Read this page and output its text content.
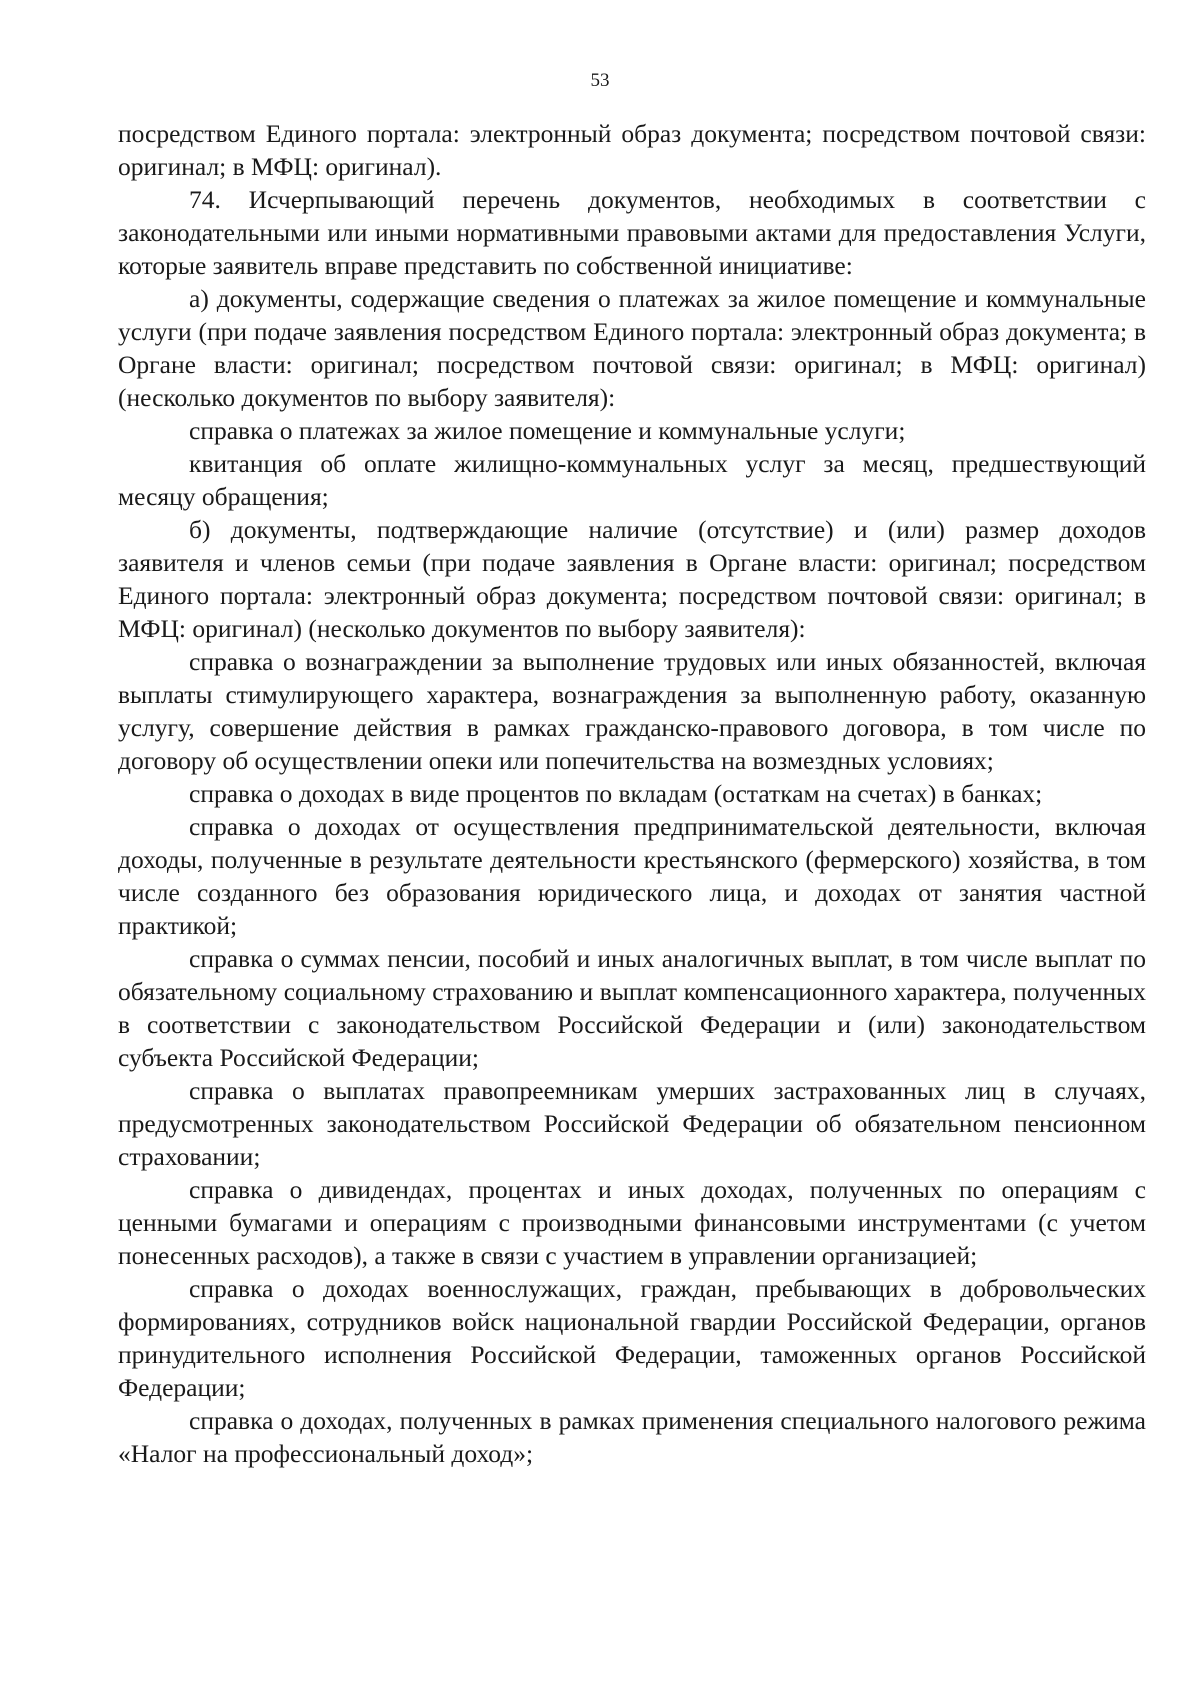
53

посредством Единого портала: электронный образ документа; посредством почтовой связи: оригинал; в МФЦ: оригинал).

74. Исчерпывающий перечень документов, необходимых в соответствии с законодательными или иными нормативными правовыми актами для предоставления Услуги, которые заявитель вправе представить по собственной инициативе:

а) документы, содержащие сведения о платежах за жилое помещение и коммунальные услуги (при подаче заявления посредством Единого портала: электронный образ документа; в Органе власти: оригинал; посредством почтовой связи: оригинал; в МФЦ: оригинал) (несколько документов по выбору заявителя):

справка о платежах за жилое помещение и коммунальные услуги;

квитанция об оплате жилищно-коммунальных услуг за месяц, предшествующий месяцу обращения;

б) документы, подтверждающие наличие (отсутствие) и (или) размер доходов заявителя и членов семьи (при подаче заявления в Органе власти: оригинал; посредством Единого портала: электронный образ документа; посредством почтовой связи: оригинал; в МФЦ: оригинал) (несколько документов по выбору заявителя):

справка о вознаграждении за выполнение трудовых или иных обязанностей, включая выплаты стимулирующего характера, вознаграждения за выполненную работу, оказанную услугу, совершение действия в рамках гражданско-правового договора, в том числе по договору об осуществлении опеки или попечительства на возмездных условиях;

справка о доходах в виде процентов по вкладам (остаткам на счетах) в банках;

справка о доходах от осуществления предпринимательской деятельности, включая доходы, полученные в результате деятельности крестьянского (фермерского) хозяйства, в том числе созданного без образования юридического лица, и доходах от занятия частной практикой;

справка о суммах пенсии, пособий и иных аналогичных выплат, в том числе выплат по обязательному социальному страхованию и выплат компенсационного характера, полученных в соответствии с законодательством Российской Федерации и (или) законодательством субъекта Российской Федерации;

справка о выплатах правопреемникам умерших застрахованных лиц в случаях, предусмотренных законодательством Российской Федерации об обязательном пенсионном страховании;

справка о дивидендах, процентах и иных доходах, полученных по операциям с ценными бумагами и операциям с производными финансовыми инструментами (с учетом понесенных расходов), а также в связи с участием в управлении организацией;

справка о доходах военнослужащих, граждан, пребывающих в добровольческих формированиях, сотрудников войск национальной гвардии Российской Федерации, органов принудительного исполнения Российской Федерации, таможенных органов Российской Федерации;

справка о доходах, полученных в рамках применения специального налогового режима «Налог на профессиональный доход»;
